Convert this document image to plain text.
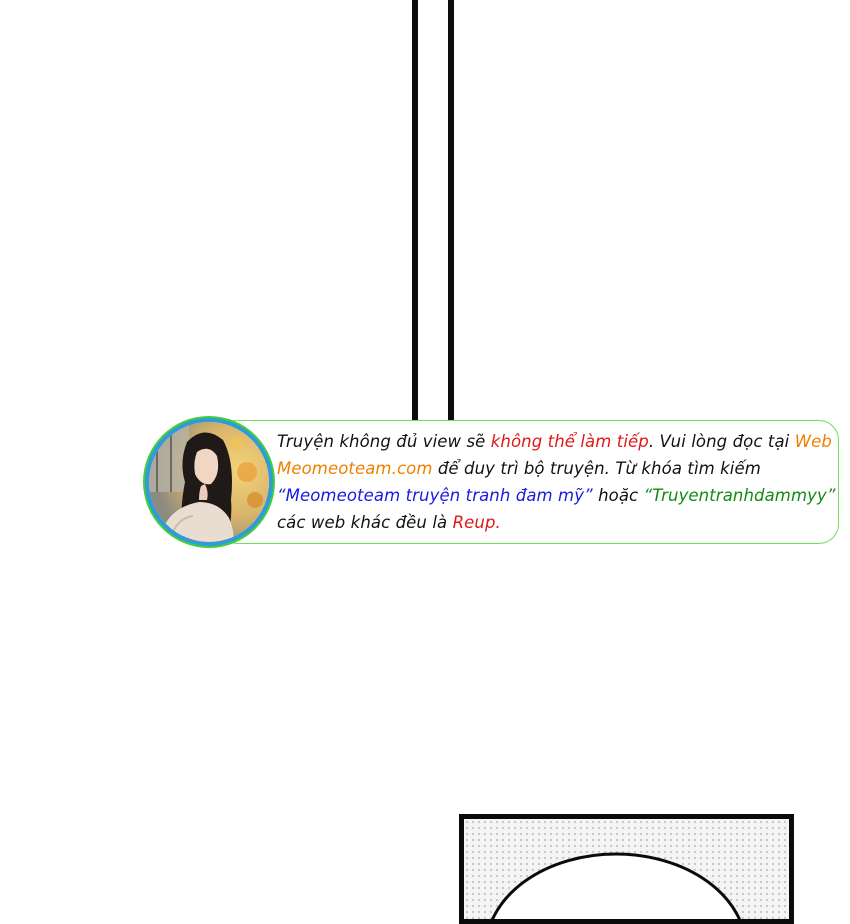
Truyện không đủ view sẽ không thể làm tiếp. Vui lòng đọc tại Web Meomeoteam.com để duy trì bộ truyện. Từ khóa tìm kiếm “Meomeoteam truyện tranh đam mỹ” hoặc “Truyentranhdammyy” các web khác đều là Reup.
